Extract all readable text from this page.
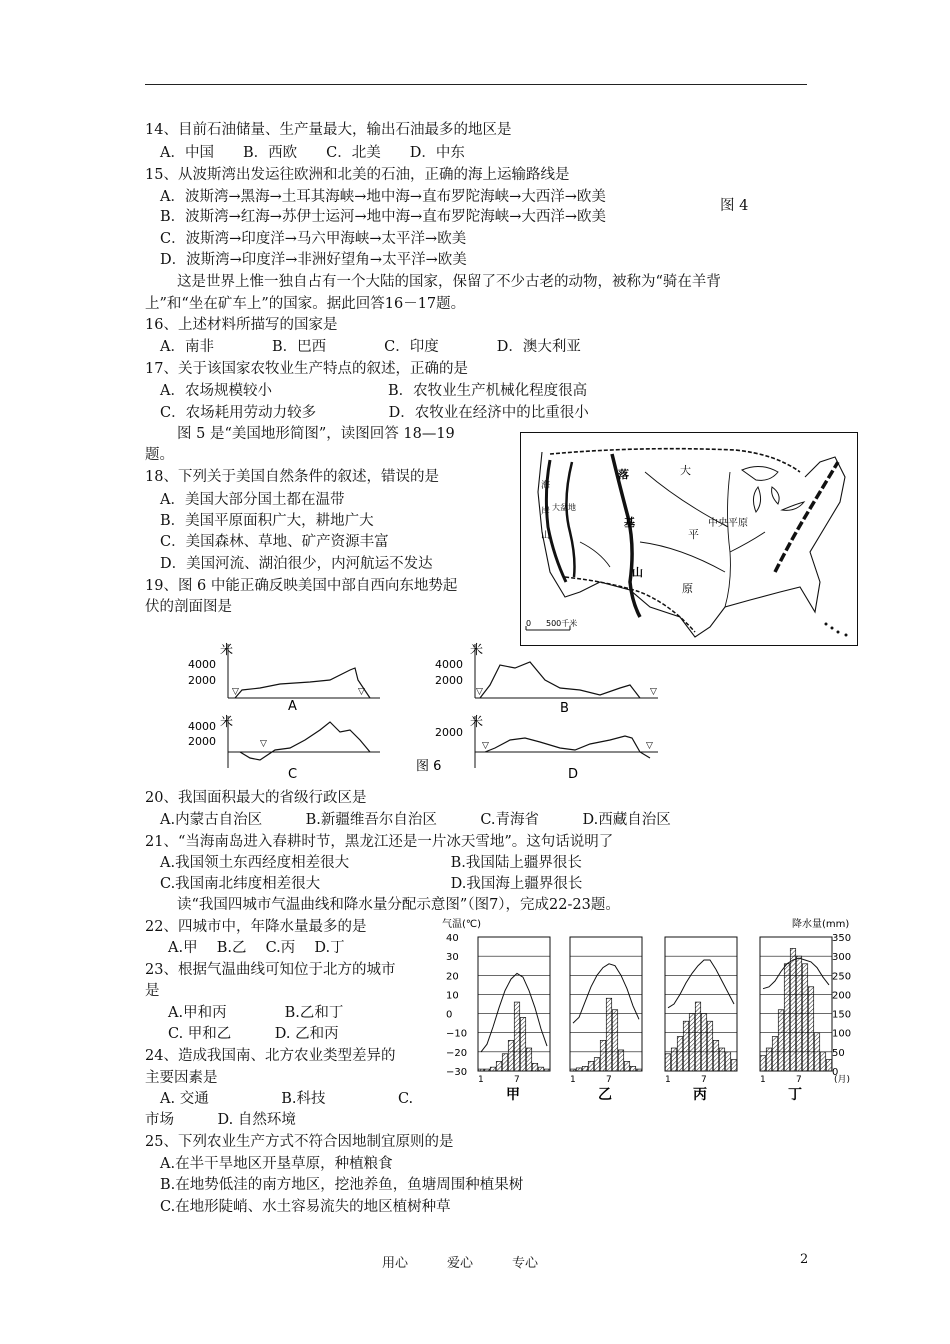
14、目前石油储量、生产量最大，输出石油最多的地区是
A．中国　　B．西欧　　C．北美　　D．中东
15、从波斯湾出发运往欧洲和北美的石油，正确的海上运输路线是
A．波斯湾→黑海→土耳其海峡→地中海→直布罗陀海峡→大西洋→欧美
图 4
B．波斯湾→红海→苏伊士运河→地中海→直布罗陀海峡→大西洋→欧美
C．波斯湾→印度洋→马六甲海峡→太平洋→欧美
D．波斯湾→印度洋→非洲好望角→太平洋→欧美
这是世界上惟一独自占有一个大陆的国家，保留了不少古老的动物，被称为“骑在羊背
上”和“坐在矿车上”的国家。据此回答16－17题。
16、上述材料所描写的国家是
A．南非　　　　B．巴西　　　　C．印度　　　　D．澳大利亚
17、关于该国家农牧业生产特点的叙述，正确的是
A．农场规模较小　　　　　　　　B．农牧业生产机械化程度很高
C．农场耗用劳动力较多　　　　　D．农牧业在经济中的比重很小
图 5 是“美国地形简图”，读图回答 18—19
题。
18、下列关于美国自然条件的叙述，错误的是
A．美国大部分国土都在温带
B．美国平原面积广大，耕地广大
C．美国森林、草地、矿产资源丰富
D．美国河流、湖泊很少，内河航运不发达
19、图 6 中能正确反映美国中部自西向东地势起
伏的剖面图是
20、我国面积最大的省级行政区是
A.内蒙古自治区　　　B.新疆维吾尔自治区　　　C.青海省　　　D.西藏自治区
21、“当海南岛进入春耕时节，黑龙江还是一片冰天雪地”。这句话说明了
A.我国领土东西经度相差很大　　　　　　　B.我国陆上疆界很长
C.我国南北纬度相差很大　　　　　　　　　D.我国海上疆界很长
读“我国四城市气温曲线和降水量分配示意图”（图7），完成22-23题。
22、四城市中，年降水量最多的是
A.甲　 B.乙　 C.丙　 D.丁
23、根据气温曲线可知位于北方的城市
是
A.甲和丙　　　　B.乙和丁
C. 甲和乙　　　D. 乙和丙
24、造成我国南、北方农业类型差异的
主要因素是
A. 交通　　　　　B.科技　　　　　C.
市场　　　D. 自然环境
25、下列农业生产方式不符合因地制宜原则的是
A.在半干旱地区开垦草原，种植粮食
B.在地势低洼的南方地区，挖池养鱼，鱼塘周围种植果树
C.在地形陡峭、水土容易流失的地区植树种草
落
基
山
大
平
原
中央平原
海
岸
山
大盆地
0 500千米
米
4000
2000
▽	▽
A
米
4000
2000
▽	▽
B
米
4000
2000	▽
C
米
2000
▽	▽
D
图 6
气温(℃)	降水量(mm)
40
30
20
10
0
−10
−20
−30
350
300
250
200
150
100
50
0
1	7
甲
1	7
乙
1	7
丙
1	7
丁
(月)
用心　　　爱心　　　专心	2
